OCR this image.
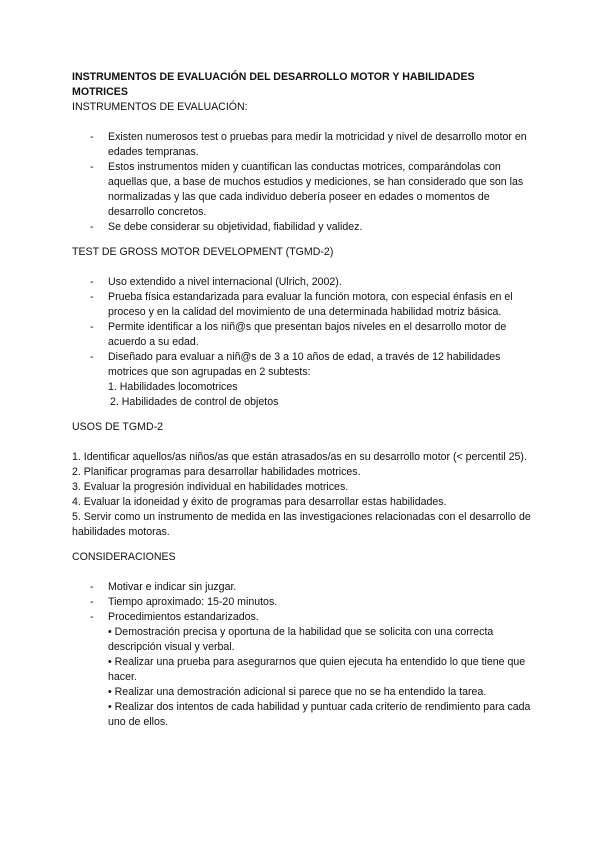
INSTRUMENTOS DE EVALUACIÓN DEL DESARROLLO MOTOR Y HABILIDADES MOTRICES

INSTRUMENTOS DE EVALUACIÓN:

- Existen numerosos test o pruebas para medir la motricidad y nivel de desarrollo motor en edades tempranas.
- Estos instrumentos miden y cuantifican las conductas motrices, comparándolas con aquellas que, a base de muchos estudios y mediciones, se han considerado que son las normalizadas y las que cada individuo debería poseer en edades o momentos de desarrollo concretos.
- Se debe considerar su objetividad, fiabilidad y validez.

TEST DE GROSS MOTOR DEVELOPMENT (TGMD-2)

- Uso extendido a nivel internacional (Ulrich, 2002).
- Prueba física estandarizada para evaluar la función motora, con especial énfasis en el proceso y en la calidad del movimiento de una determinada habilidad motriz básica.
- Permite identificar a los niñ@s que presentan bajos niveles en el desarrollo motor de acuerdo a su edad.
- Diseñado para evaluar a niñ@s de 3 a 10 años de edad, a través de 12 habilidades motrices que son agrupadas en 2 subtests:
1. Habilidades locomotrices
2. Habilidades de control de objetos

USOS DE TGMD-2

1. Identificar aquellos/as niños/as que están atrasados/as en su desarrollo motor (< percentil 25).
2. Planificar programas para desarrollar habilidades motrices.
3. Evaluar la progresión individual en habilidades motrices.
4. Evaluar la idoneidad y éxito de programas para desarrollar estas habilidades.
5. Servir como un instrumento de medida en las investigaciones relacionadas con el desarrollo de habilidades motoras.

CONSIDERACIONES

- Motivar e indicar sin juzgar.
- Tiempo aproximado: 15-20 minutos.
- Procedimientos estandarizados.
• Demostración precisa y oportuna de la habilidad que se solicita con una correcta descripción visual y verbal.
• Realizar una prueba para asegurarnos que quien ejecuta ha entendido lo que tiene que hacer.
• Realizar una demostración adicional si parece que no se ha entendido la tarea.
• Realizar dos intentos de cada habilidad y puntuar cada criterio de rendimiento para cada uno de ellos.
